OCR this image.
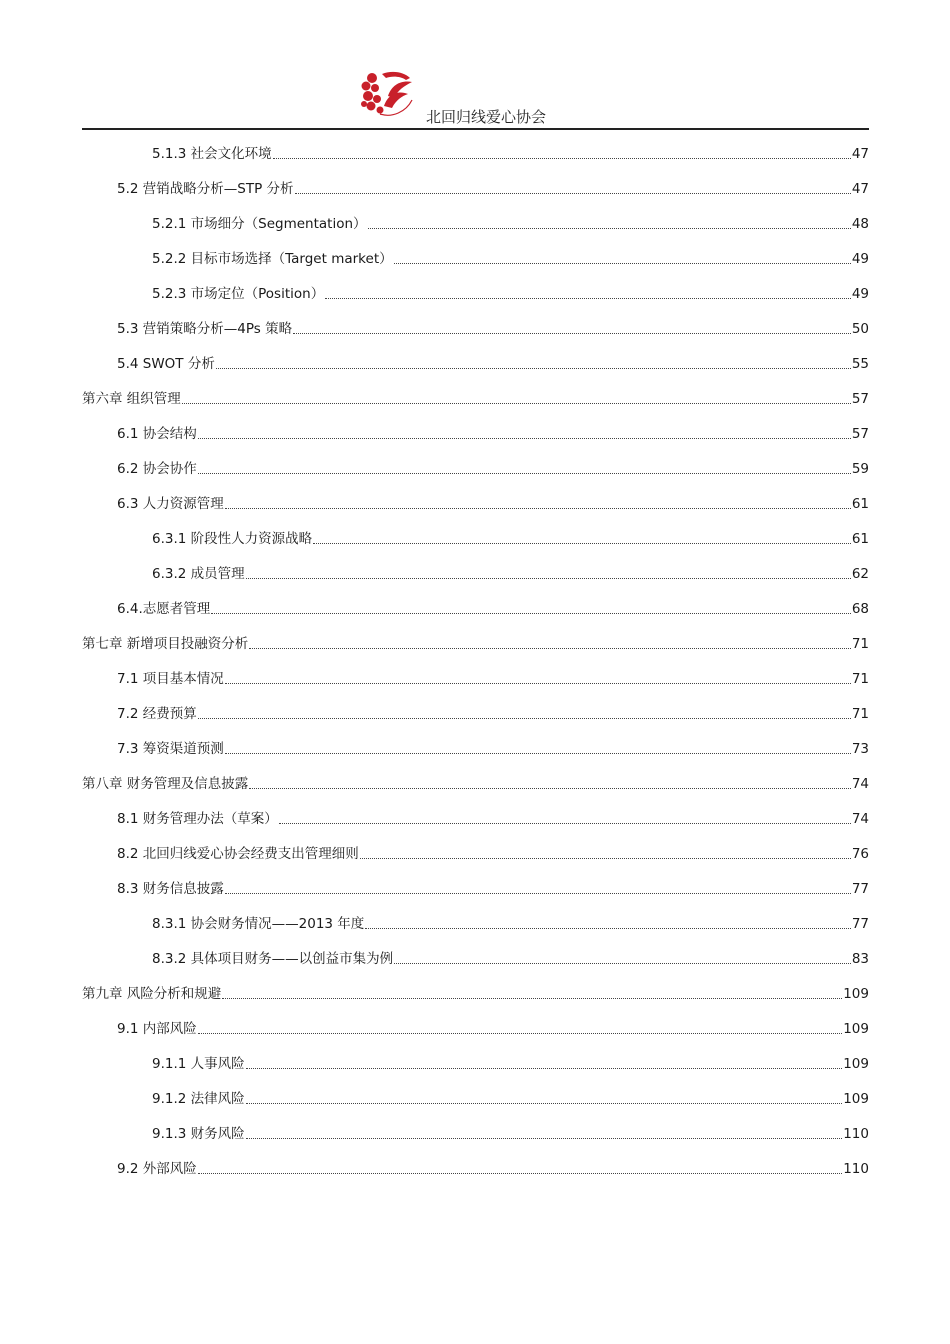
北回归线爱心协会
5.1.3 社会文化环境	47
5.2 营销战略分析—STP 分析	47
5.2.1 市场细分（Segmentation）	48
5.2.2 目标市场选择（Target market）	49
5.2.3 市场定位（Position）	49
5.3 营销策略分析—4Ps 策略	50
5.4 SWOT 分析	55
第六章 组织管理	57
6.1 协会结构	57
6.2 协会协作	59
6.3 人力资源管理	61
6.3.1 阶段性人力资源战略	61
6.3.2 成员管理	62
6.4.志愿者管理	68
第七章 新增项目投融资分析	71
7.1 项目基本情况	71
7.2 经费预算	71
7.3 筹资渠道预测	73
第八章 财务管理及信息披露	74
8.1 财务管理办法（草案）	74
8.2 北回归线爱心协会经费支出管理细则	76
8.3 财务信息披露	77
8.3.1 协会财务情况——2013 年度	77
8.3.2 具体项目财务——以创益市集为例	83
第九章 风险分析和规避	109
9.1 内部风险	109
9.1.1 人事风险	109
9.1.2 法律风险	109
9.1.3 财务风险	110
9.2 外部风险	110
